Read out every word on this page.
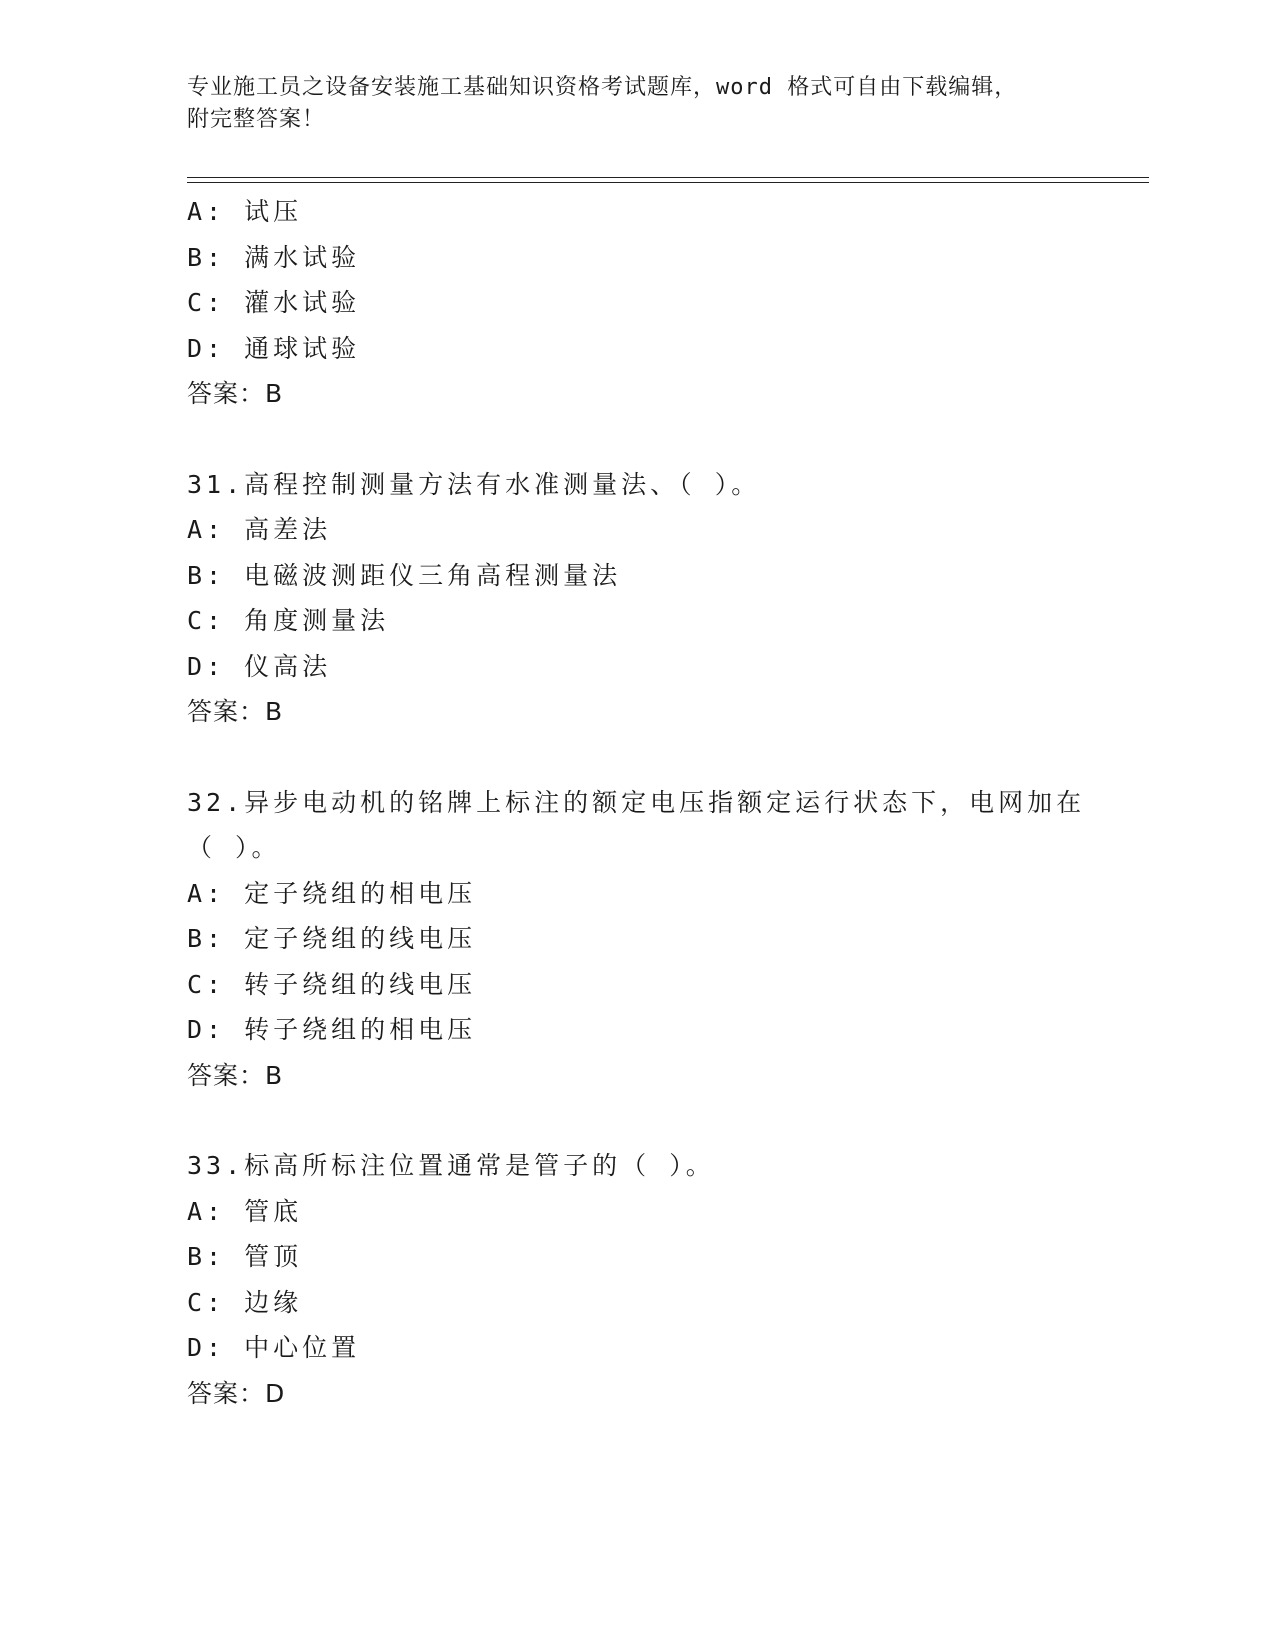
专业施工员之设备安装施工基础知识资格考试题库，word 格式可自由下载编辑，
附完整答案！
A: 试压
B: 满水试验
C: 灌水试验
D: 通球试验
答案：B
31.高程控制测量方法有水准测量法、（ ）。
A: 高差法
B: 电磁波测距仪三角高程测量法
C: 角度测量法
D: 仪高法
答案：B
32.异步电动机的铭牌上标注的额定电压指额定运行状态下，电网加在
（ ）。
A: 定子绕组的相电压
B: 定子绕组的线电压
C: 转子绕组的线电压
D: 转子绕组的相电压
答案：B
33.标高所标注位置通常是管子的（ ）。
A: 管底
B: 管顶
C: 边缘
D: 中心位置
答案：D
